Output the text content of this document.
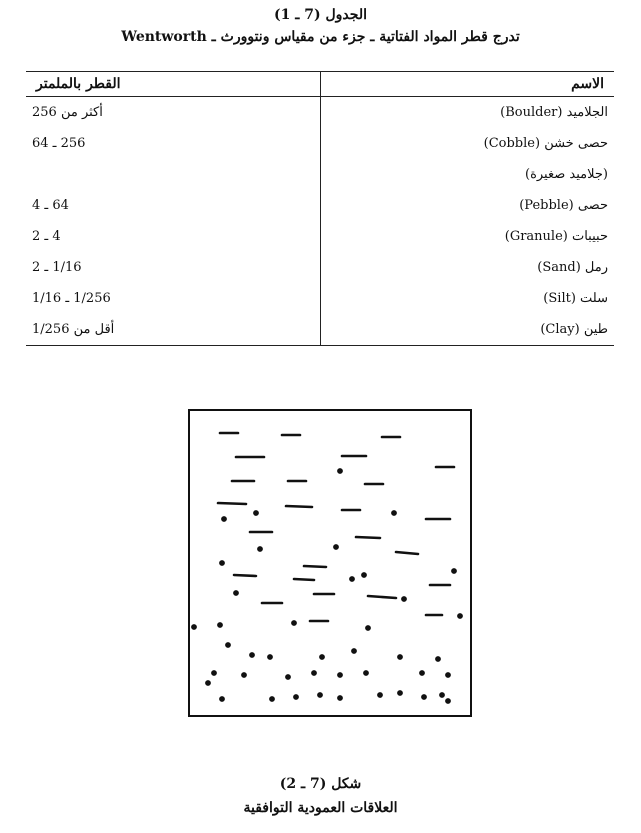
الجدول (7 ـ 1)
تدرج قطر المواد الفتاتية ـ جزء من مقياس ونتوورث ـ Wentworth
الاسم	القطر بالملمتر
الجلاميد (Boulder)	أكثر من 256
حصى خشن (Cobble)	256 ـ 64
(جلاميد صغيرة)	
حصى (Pebble)	64 ـ 4
حبيبات (Granule)	4 ـ 2
رمل (Sand)	1/16 ـ 2
سلت (Silt)	1/256 ـ 1/16
طين (Clay)	أقل من 1/256
شكل (7 ـ 2)
العلاقات العمودية التوافقية
